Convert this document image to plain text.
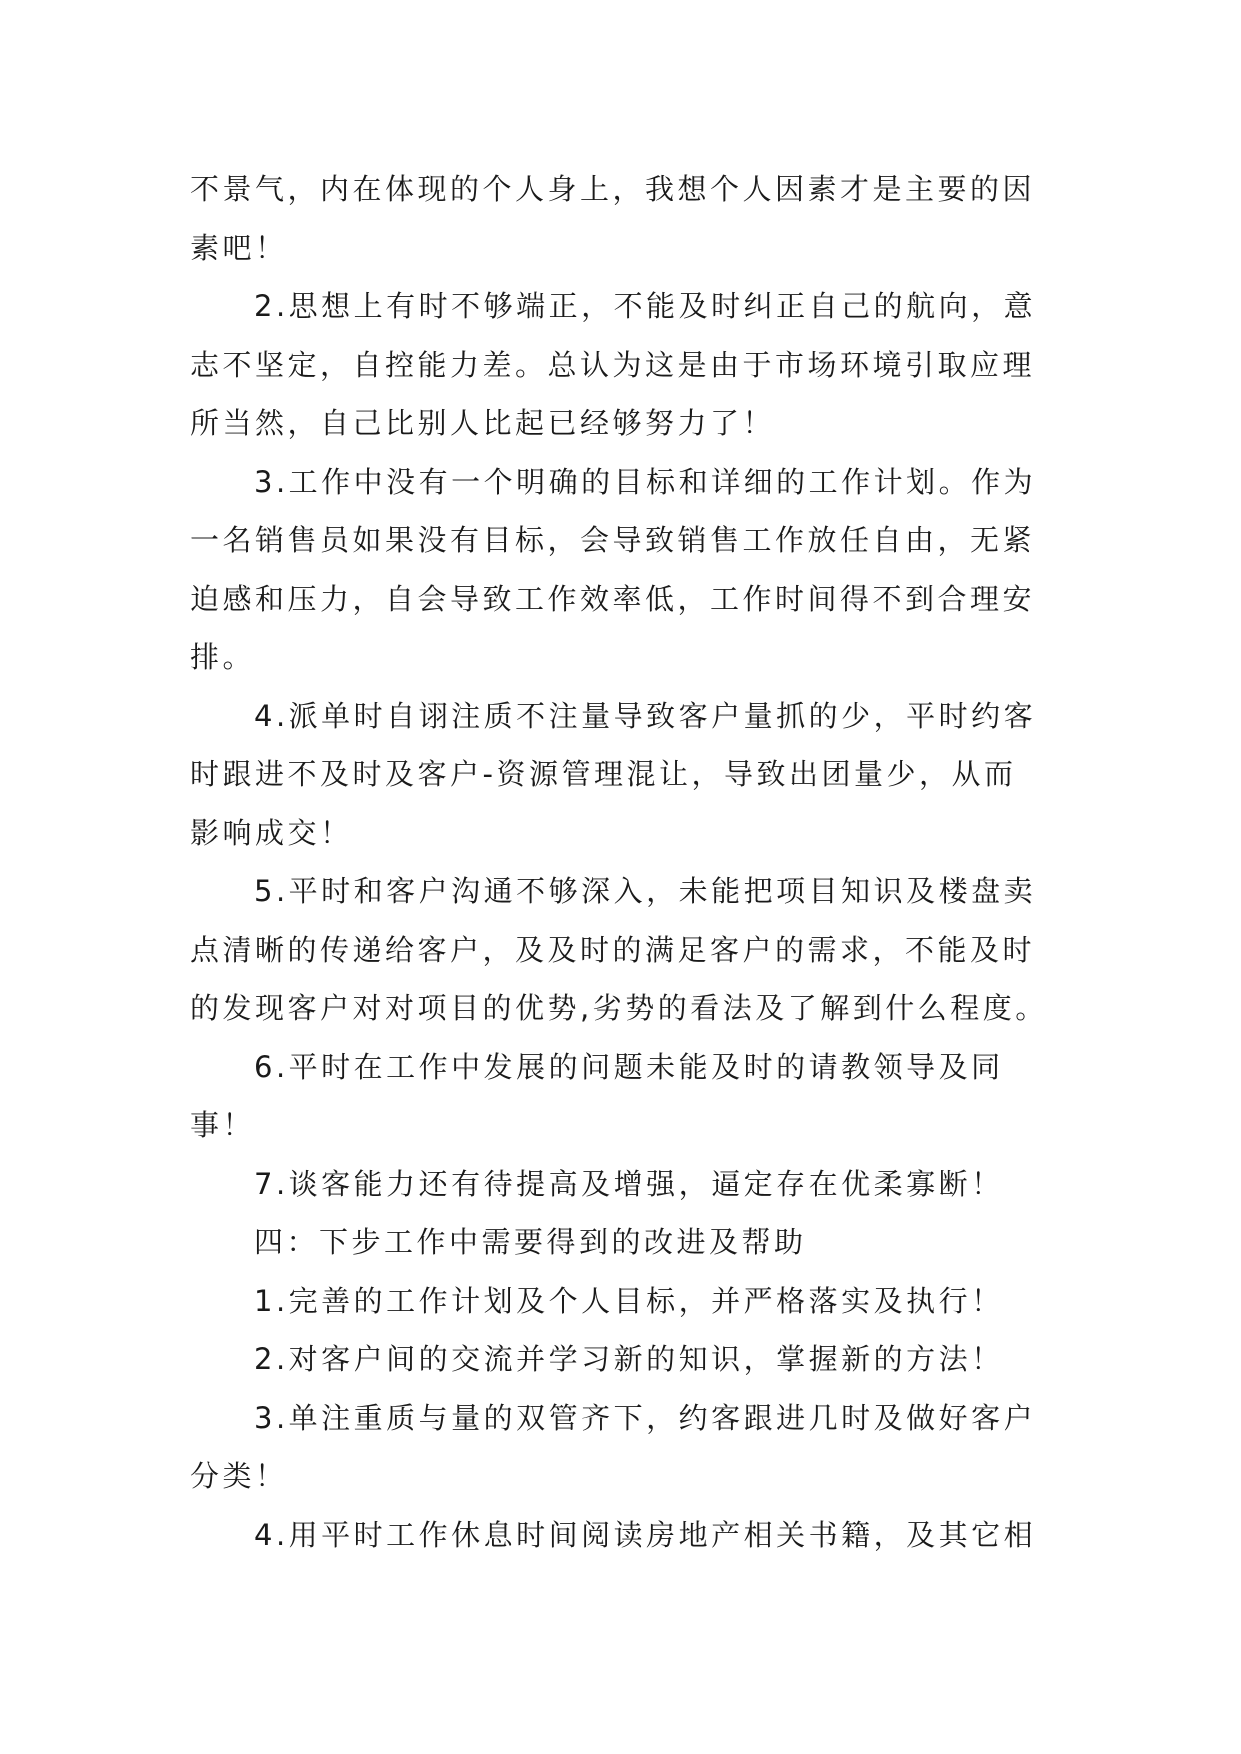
不景气，内在体现的个人身上，我想个人因素才是主要的因
素吧！
2.思想上有时不够端正，不能及时纠正自己的航向，意
志不坚定，自控能力差。总认为这是由于市场环境引取应理
所当然，自己比别人比起已经够努力了！
3.工作中没有一个明确的目标和详细的工作计划。作为
一名销售员如果没有目标，会导致销售工作放任自由，无紧
迫感和压力，自会导致工作效率低，工作时间得不到合理安
排。
4.派单时自诩注质不注量导致客户量抓的少，平时约客
时跟进不及时及客户-资源管理混让，导致出团量少，从而
影响成交！
5.平时和客户沟通不够深入，未能把项目知识及楼盘卖
点清晰的传递给客户，及及时的满足客户的需求，不能及时
的发现客户对对项目的优势,劣势的看法及了解到什么程度。
6.平时在工作中发展的问题未能及时的请教领导及同
事！
7.谈客能力还有待提高及增强，逼定存在优柔寡断！
四：下步工作中需要得到的改进及帮助
1.完善的工作计划及个人目标，并严格落实及执行！
2.对客户间的交流并学习新的知识，掌握新的方法！
3.单注重质与量的双管齐下，约客跟进几时及做好客户
分类！
4.用平时工作休息时间阅读房地产相关书籍，及其它相
